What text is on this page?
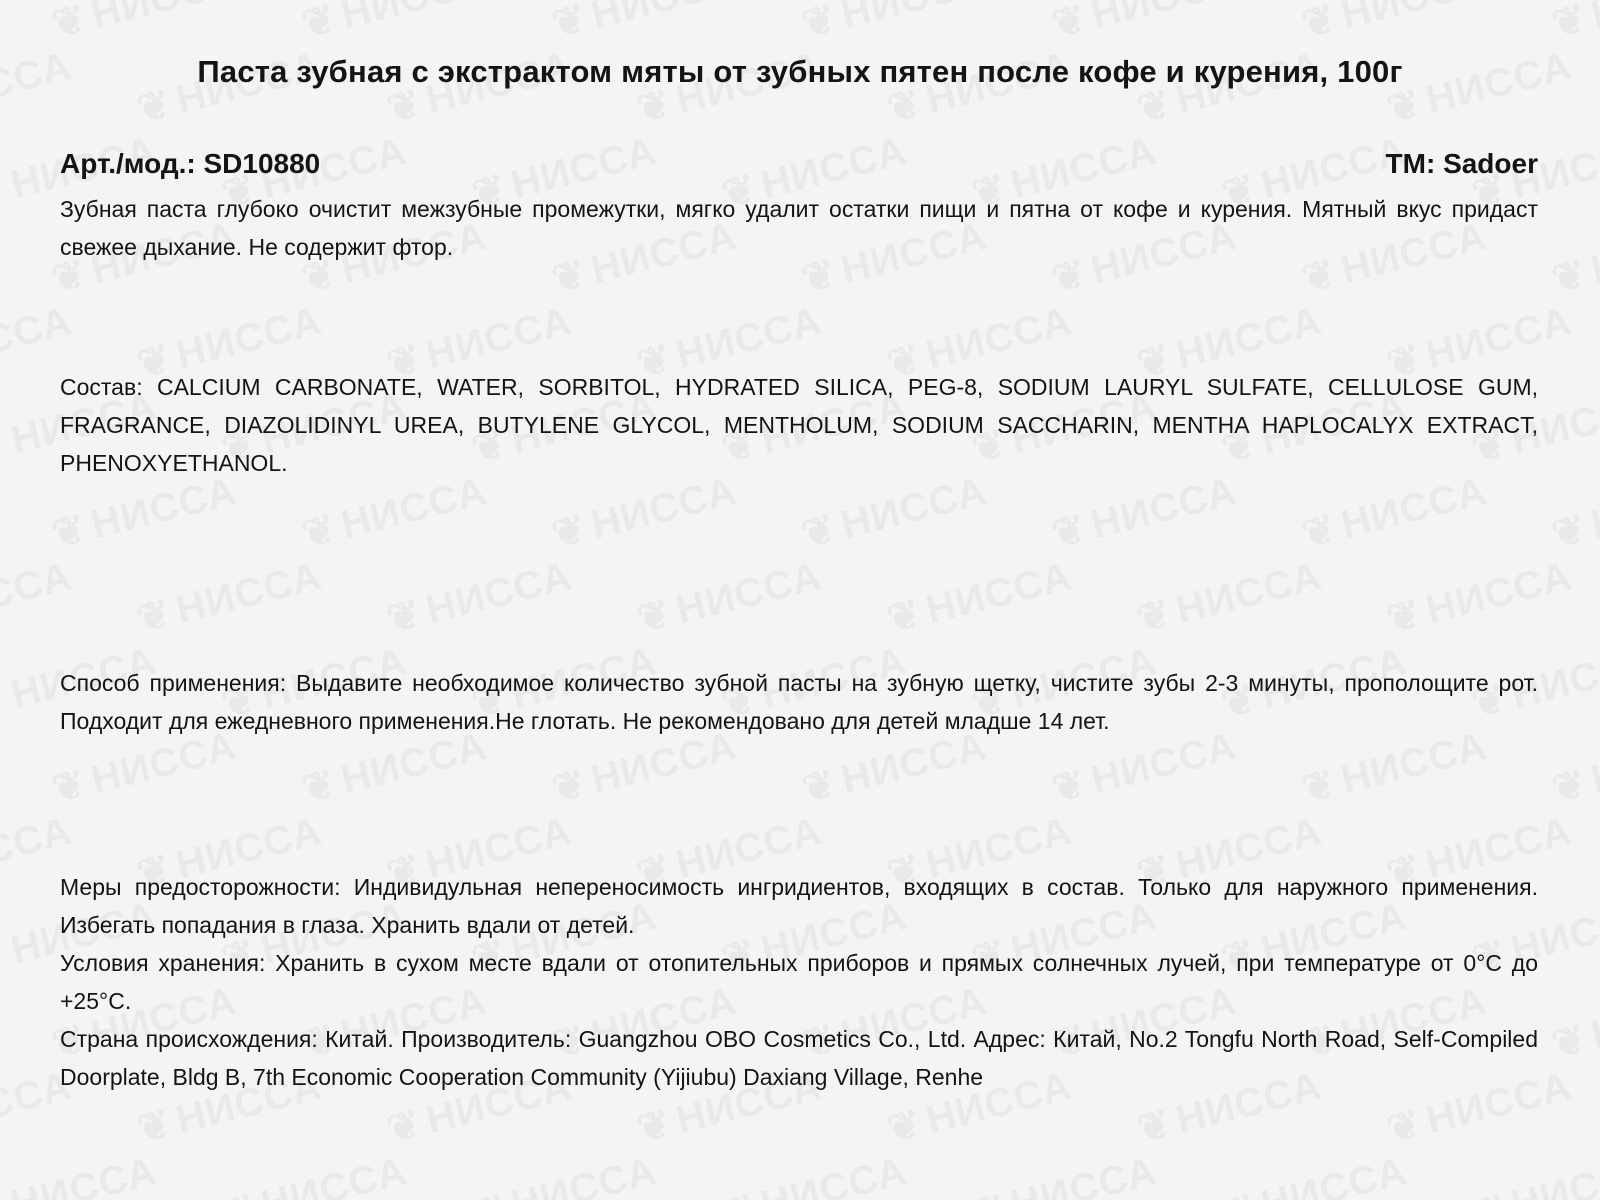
Паста зубная с экстрактом мяты от зубных пятен после кофе и курения, 100г
Арт./мод.: SD10880	ТМ: Sadoer

Зубная паста глубоко очистит межзубные промежутки, мягко удалит остатки пищи и пятна от кофе и курения. Мятный вкус придаст свежее дыхание. Не содержит фтор.

Состав: CALCIUM CARBONATE, WATER, SORBITOL, HYDRATED SILICA, PEG-8, SODIUM LAURYL SULFATE, CELLULOSE GUM, FRAGRANCE, DIAZOLIDINYL UREA, BUTYLENE GLYCOL, MENTHOLUM, SODIUM SACCHARIN, MENTHA HAPLOCALYX EXTRACT, PHENOXYETHANOL.

Способ применения: Выдавите необходимое количество зубной пасты на зубную щетку, чистите зубы 2-3 минуты, прополощите рот. Подходит для ежедневного применения.Не глотать. Не рекомендовано для детей младше 14 лет.

Меры предосторожности: Индивидульная непереносимость ингридиентов, входящих в состав. Только для наружного применения. Избегать попадания в глаза. Хранить вдали от детей.

Условия хранения: Хранить в сухом месте вдали от отопительных приборов и прямых солнечных лучей, при температуре от 0°C до +25°C.

Страна происхождения: Китай. Производитель: Guangzhou OBO Cosmetics Co., Ltd. Адрес: Китай, No.2 Tongfu North Road, Self-Compiled Doorplate, Bldg B, 7th Economic Cooperation Community (Yijiubu) Daxiang Village, Renhe
